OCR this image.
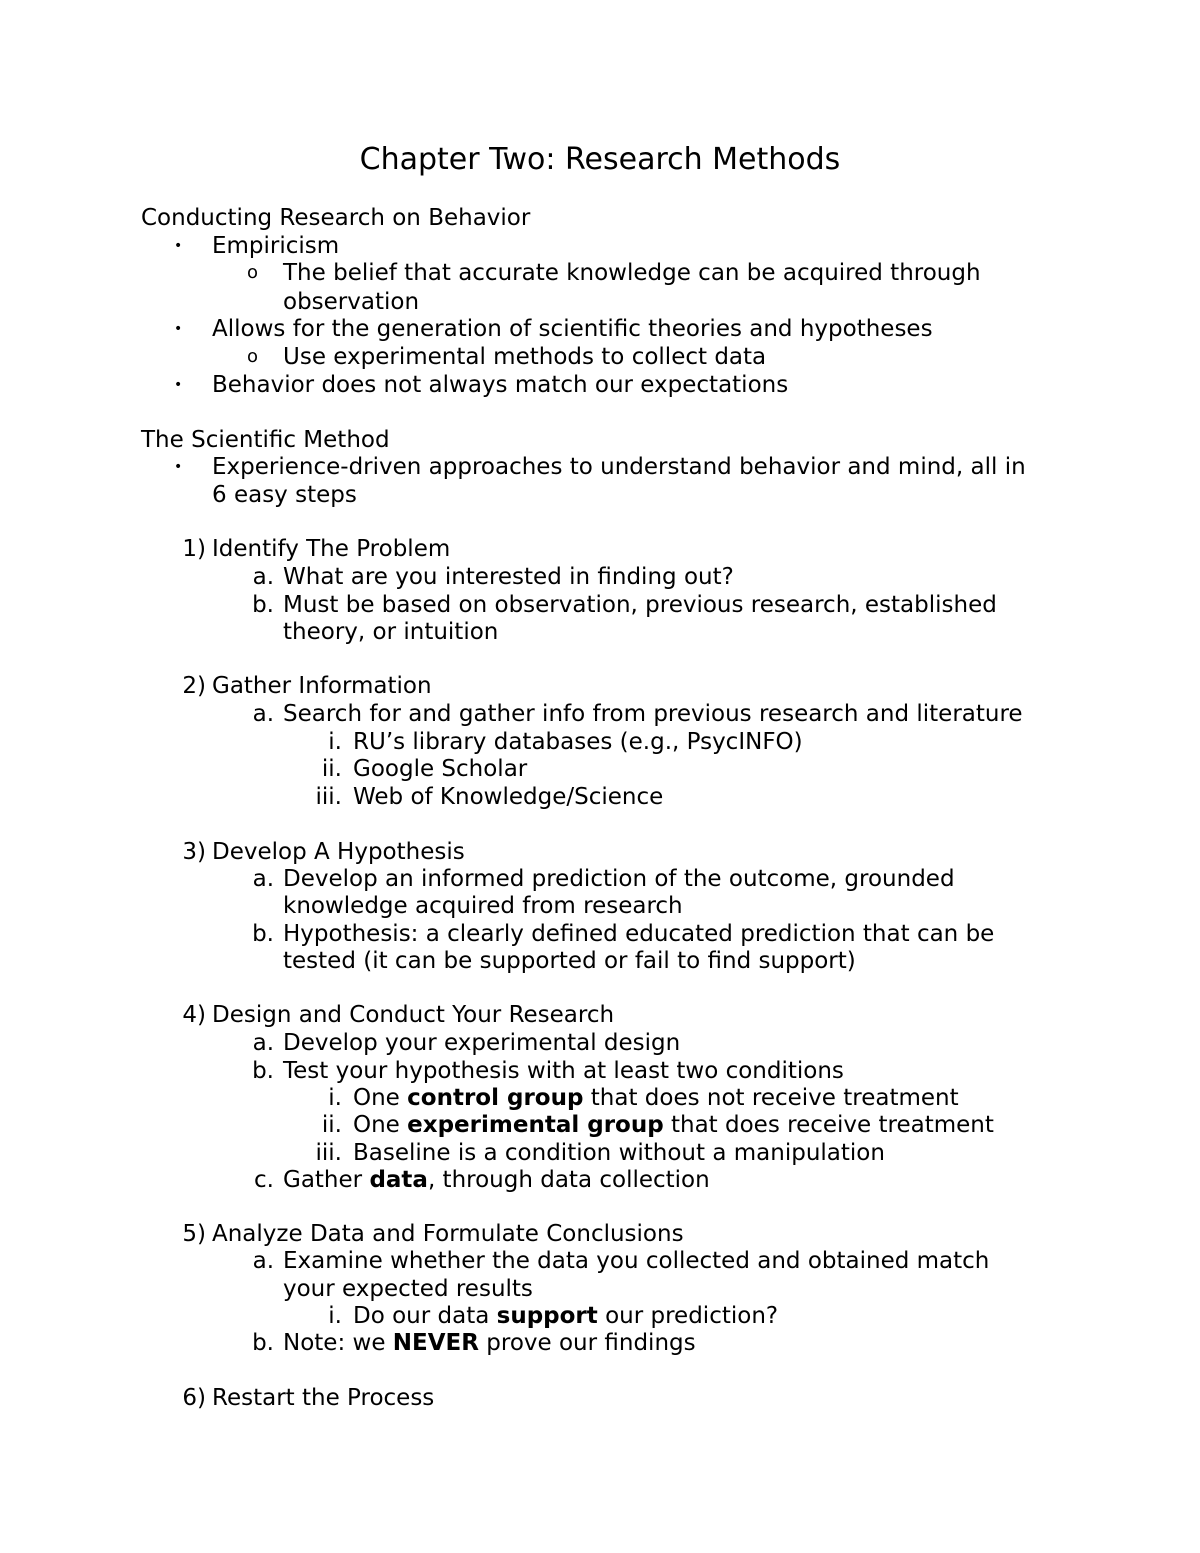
Chapter Two: Research Methods
Conducting Research on Behavior
• Empiricism
o The belief that accurate knowledge can be acquired through
observation
• Allows for the generation of scientific theories and hypotheses
o Use experimental methods to collect data
• Behavior does not always match our expectations
The Scientific Method
• Experience-driven approaches to understand behavior and mind, all in
6 easy steps
1) Identify The Problem
a. What are you interested in finding out?
b. Must be based on observation, previous research, established
theory, or intuition
2) Gather Information
a. Search for and gather info from previous research and literature
i. RU’s library databases (e.g., PsycINFO)
ii. Google Scholar
iii. Web of Knowledge/Science
3) Develop A Hypothesis
a. Develop an informed prediction of the outcome, grounded
knowledge acquired from research
b. Hypothesis: a clearly defined educated prediction that can be
tested (it can be supported or fail to find support)
4) Design and Conduct Your Research
a. Develop your experimental design
b. Test your hypothesis with at least two conditions
i. One control group that does not receive treatment
ii. One experimental group that does receive treatment
iii. Baseline is a condition without a manipulation
c. Gather data, through data collection
5) Analyze Data and Formulate Conclusions
a. Examine whether the data you collected and obtained match
your expected results
i. Do our data support our prediction?
b. Note: we NEVER prove our findings
6) Restart the Process
